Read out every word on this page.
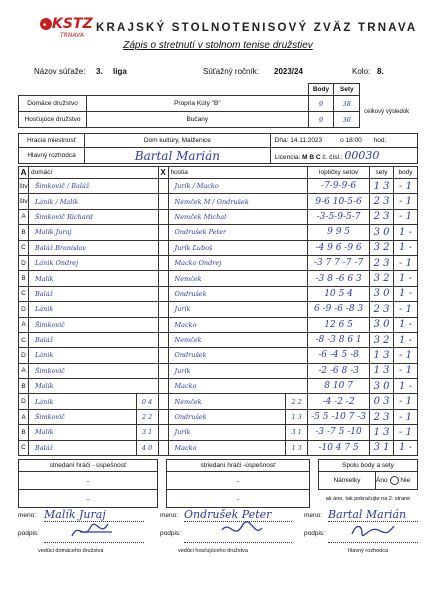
• KSTZ
TRNAVA
KRAJSKÝ STOLNOTENISOVÝ ZVÄZ TRNAVA
Zápis o stretnutí v stolnom tenise družstiev
Názov súťaže: 3. liga	Súťažný ročník: 2023/24	Kolo: 8.
		Body	Sety	
Domáce družstvo	Propria Kúty "B"	9	38	celkový výsledok
Hosťujúce družstvo	Bučany	9	36	
Hracia miestnosť	Dom kultúry, Malženice	Dňa: 14.11.2023 o 18:00 hod.
Hlavný rozhodca	Bartal Marián	Licencia: M B C č. čísl.: 00030
A	domáci		X	hostia		loptičky setov	sety	body
štv	Šimkovič / Baláž			Jurík / Macko		-7-9-9-6	1 3	- 1
štv	Lánik / Malík			Nemček M / Ondrušek		9-6 10-5-6	2 3	- 1
A	Šimkovič Richard			Nemček Michal		-3-5-9-5-7	2 3	- 1
B	Malík Juraj			Ondrušek Peter		9 9 5	3 0	1 -
C	Baláž Branislav			Jurík Ľuboš		-4 9 6 -9 6	3 2	1 -
D	Lánik Ondrej			Macko Ondrej		-3 7 7 -7 -7	2 3	- 1
B	Malík			Nemček		-3 8 -6 6 3	3 2	1 -
C	Baláž			Ondrušek		10 5 4	3 0	1 -
D	Lánik			Jurík		6 -9 -6 -8 3	2 3	- 1
A	Šimkovič			Macko		12 6 5	3 0	1 -
C	Baláž			Nemček		-8 -3 8 6 1	3 2	1 -
D	Lánik			Ondrušek		-6 -4 5 -8	1 3	- 1
A	Šimkovič			Jurík		-2 -6 8 -3	1 3	- 1
B	Malík			Macko		8 10 7	3 0	1 -
D	Lánik	0 4		Nemček	2 2	-4 -2 -2	0 3	- 1
A	Šimkovič	2 2		Ondrušek	1 3	-5 5 -10 7 -3	2 3	- 1
B	Malík	3 1		Jurík	3 1	-3 -7 5 -10	1 3	- 1
C	Baláž	4 0		Macko	1 3	-10 4 7 5	3 1	1 -
striedaní hráči - úspešnosť		striedaní hráči -úspešnosť		Spolu body a sety	
–		–		Námietky	Áno Nie
–		–		ak áno, tak pokračujte na 2. strane	
meno: Malík Juraj
podpis:
vedúci domáceho družstva
meno: Ondrušek Peter
podpis:
vedúci hosťujúceho družstva
meno: Bartal Marián
podpis:
hlavný rozhodca
